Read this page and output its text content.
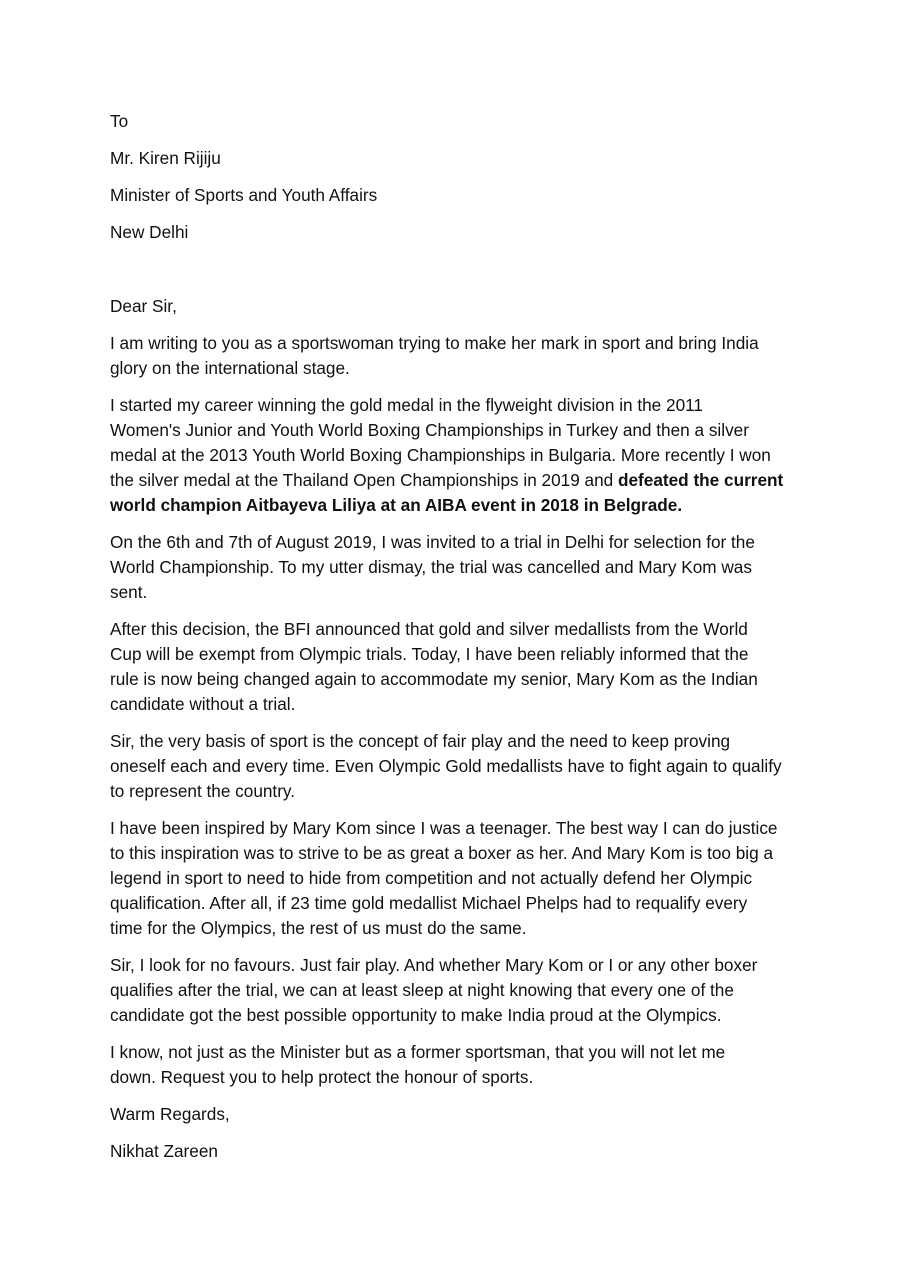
To
Mr. Kiren Rijiju
Minister of Sports and Youth Affairs
New Delhi
Dear Sir,
I am writing to you as a sportswoman trying to make her mark in sport and bring India
glory on the international stage.
I started my career winning the gold medal in the flyweight division in the 2011
Women's Junior and Youth World Boxing Championships in Turkey and then a silver
medal at the 2013 Youth World Boxing Championships in Bulgaria. More recently I won
the silver medal at the Thailand Open Championships in 2019 and defeated the current
world champion Aitbayeva Liliya at an AIBA event in 2018 in Belgrade.
On the 6th and 7th of August 2019, I was invited to a trial in Delhi for selection for the
World Championship. To my utter dismay, the trial was cancelled and Mary Kom was
sent.
After this decision, the BFI announced that gold and silver medallists from the World
Cup will be exempt from Olympic trials. Today, I have been reliably informed that the
rule is now being changed again to accommodate my senior, Mary Kom as the Indian
candidate without a trial.
Sir, the very basis of sport is the concept of fair play and the need to keep proving
oneself each and every time. Even Olympic Gold medallists have to fight again to qualify
to represent the country.
I have been inspired by Mary Kom since I was a teenager. The best way I can do justice
to this inspiration was to strive to be as great a boxer as her. And Mary Kom is too big a
legend in sport to need to hide from competition and not actually defend her Olympic
qualification. After all, if 23 time gold medallist Michael Phelps had to requalify every
time for the Olympics, the rest of us must do the same.
Sir, I look for no favours. Just fair play. And whether Mary Kom or I or any other boxer
qualifies after the trial, we can at least sleep at night knowing that every one of the
candidate got the best possible opportunity to make India proud at the Olympics.
I know, not just as the Minister but as a former sportsman, that you will not let me
down. Request you to help protect the honour of sports.
Warm Regards,
Nikhat Zareen
